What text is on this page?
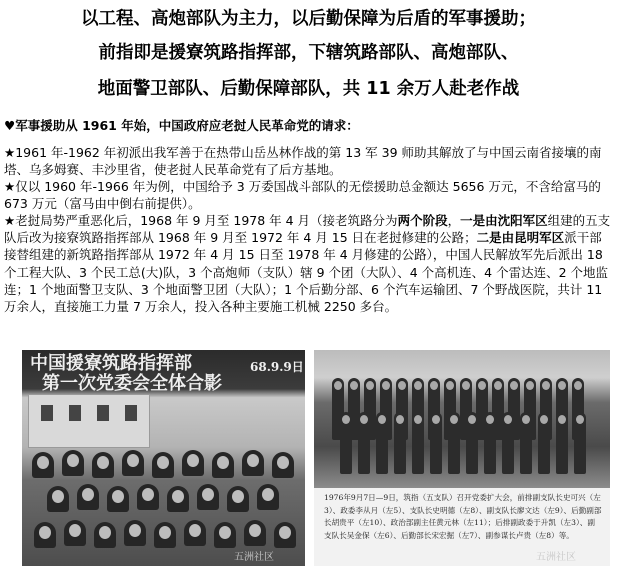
以工程、高炮部队为主力，以后勤保障为后盾的军事援助；
前指即是援寮筑路指挥部，下辖筑路部队、高炮部队、
地面警卫部队、后勤保障部队，共 11 余万人赴老作战
♥军事援助从 1961 年始，中国政府应老挝人民革命党的请求：
★1961 年-1962 年初派出我军善于在热带山岳丛林作战的第 13 军 39 师助其解放了与中国云南省接壤的南塔、乌多姆赛、丰沙里省，使老挝人民革命党有了后方基地。
★仅以 1960 年-1966 年为例，中国给予 3 万委国战斗部队的无偿援助总金额达 5656 万元，不含给富马的 673 万元（富马由中倒右前提供）。
★老挝局势严重恶化后，1968 年 9 月至 1978 年 4 月（接老筑路分为两个阶段，一是由沈阳军区组建的五支队后改为接寮筑路指挥部从 1968 年 9 月至 1972 年 4 月 15 日在老挝修建的公路；二是由昆明军区派干部接替组建的新筑路指挥部从 1972 年 4 月 15 日至 1978 年 4 月修建的公路），中国人民解放军先后派出 18 个工程大队、3 个民工总(大)队，3 个高炮师（支队）辖 9 个团（大队）、4 个高机连、4 个雷达连、2 个地监连；1 个地面警卫支队、3 个地面警卫团（大队）；1 个后勤分部、6 个汽车运输团、7 个野战医院，共计 11 万余人，直接施工力量 7 万余人，投入各种主要施工机械 2250 多台。
中国援寮筑路指挥部
第一次党委会全体合影
68.9.9日
五洲社区
1976年9月7日—9日，筑指（五支队）召开党委扩大会，前排副支队长史可兴（左3）、政委李从月（左5）、支队长史明德（左8）、副支队长廖文达（左9）、后勤副部长胡贵平（左10）、政治部副主任黄元林（左11）；后排副政委于升凯（左3）、副支队长吴金保（左6）、后勤部长宋宏掘（左7）、副参谋长卢贵（左8）等。
五洲社区
